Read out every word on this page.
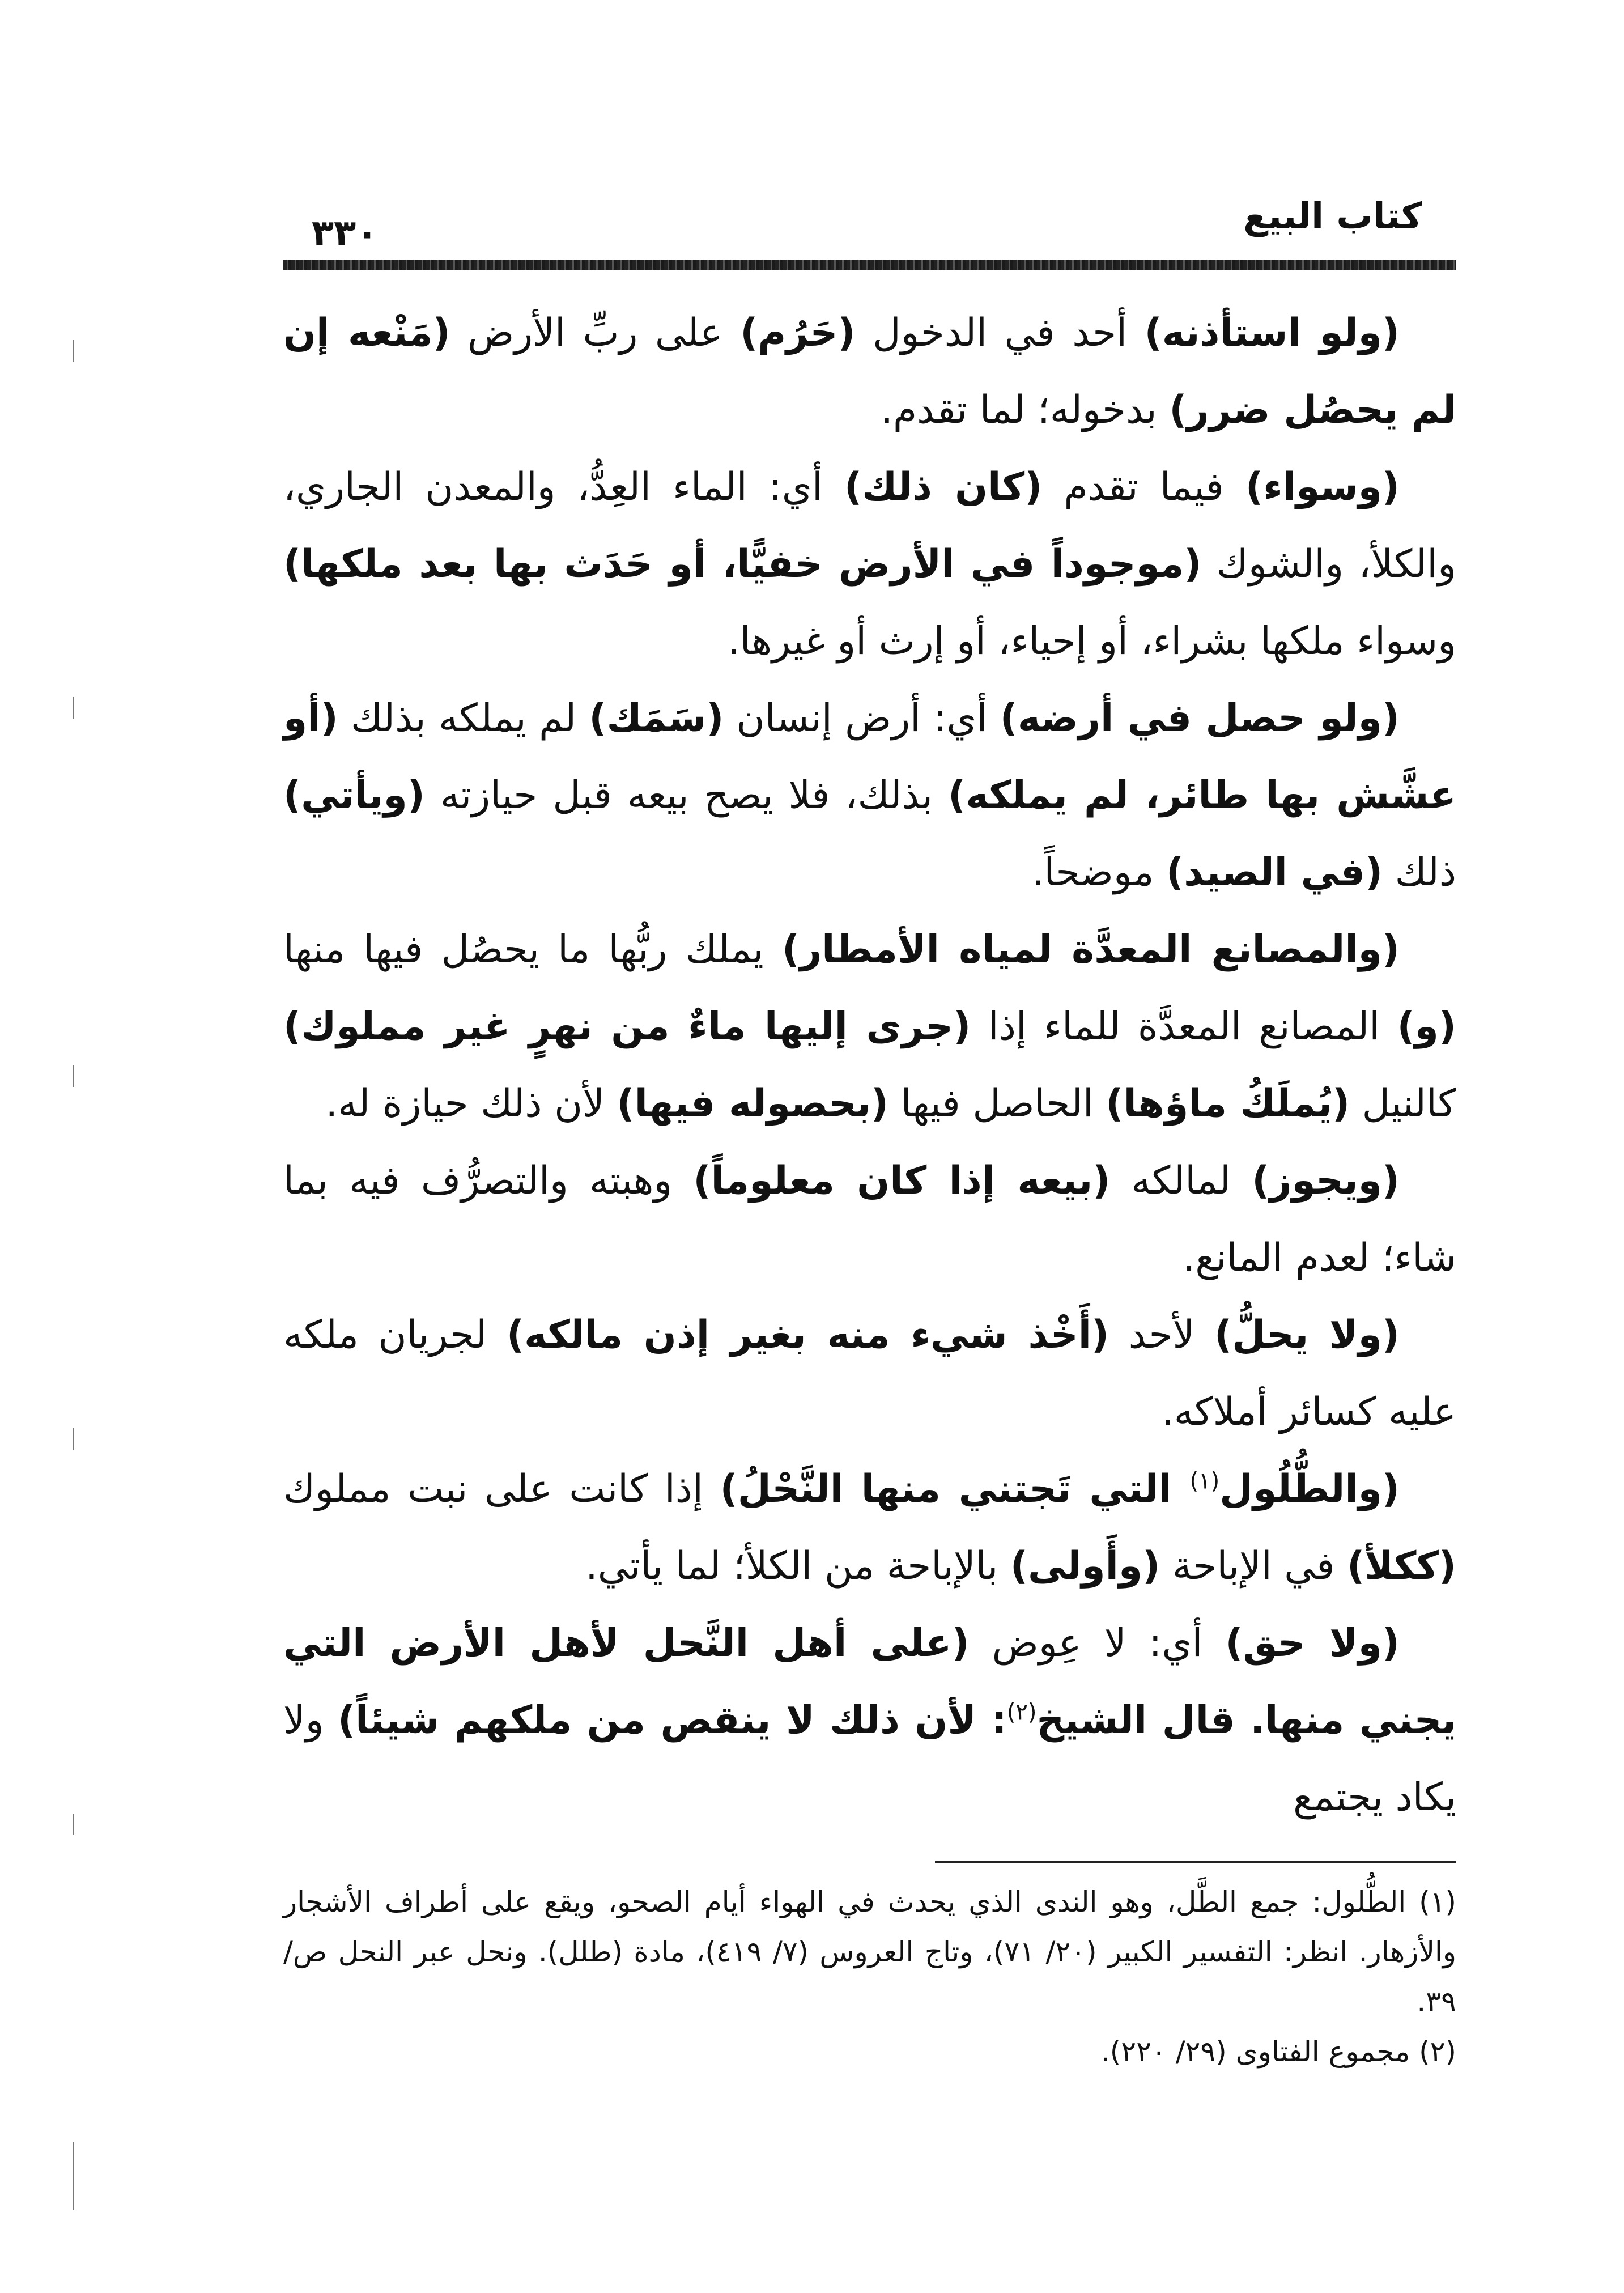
كتاب البيع
٣٣٠

(ولو استأذنه) أحد في الدخول (حَرُم) على ربِّ الأرض (مَنْعه إن لم يحصُل ضرر) بدخوله؛ لما تقدم.

(وسواء) فيما تقدم (كان ذلك) أي: الماء العِدُّ، والمعدن الجاري، والكلأ، والشوك (موجوداً في الأرض خفيًّا، أو حَدَث بها بعد ملكها) وسواء ملكها بشراء، أو إحياء، أو إرث أو غيرها.

(ولو حصل في أرضه) أي: أرض إنسان (سَمَك) لم يملكه بذلك (أو عشَّش بها طائر، لم يملكه) بذلك، فلا يصح بيعه قبل حيازته (ويأتي) ذلك (في الصيد) موضحاً.

(والمصانع المعدَّة لمياه الأمطار) يملك ربُّها ما يحصُل فيها منها (و) المصانع المعدَّة للماء إذا (جرى إليها ماءٌ من نهرٍ غير مملوك) كالنيل (يُملَكُ ماؤها) الحاصل فيها (بحصوله فيها) لأن ذلك حيازة له.

(ويجوز) لمالكه (بيعه إذا كان معلوماً) وهبته والتصرُّف فيه بما شاء؛ لعدم المانع.

(ولا يحلُّ) لأحد (أَخْذ شيء منه بغير إذن مالكه) لجريان ملكه عليه كسائر أملاكه.

(والطُّلُول$^{(١)}$ التي تَجتني منها النَّحْلُ) إذا كانت على نبت مملوك (ككلأ) في الإباحة (وأَولى) بالإباحة من الكلأ؛ لما يأتي.

(ولا حق) أي: لا عِوض (على أهل النَّحل لأهل الأرض التي يجني منها. قال الشيخ$^{(٢)}$: لأن ذلك لا ينقص من ملكهم شيئاً) ولا يكاد يجتمع

(١) الطُّلول: جمع الطَّل، وهو الندى الذي يحدث في الهواء أيام الصحو، ويقع على أطراف الأشجار والأزهار. انظر: التفسير الكبير (٢٠/ ٧١)، وتاج العروس (٧/ ٤١٩)، مادة (طلل). ونحل عبر النحل ص/ ٣٩.

(٢) مجموع الفتاوى (٢٩/ ٢٢٠).
